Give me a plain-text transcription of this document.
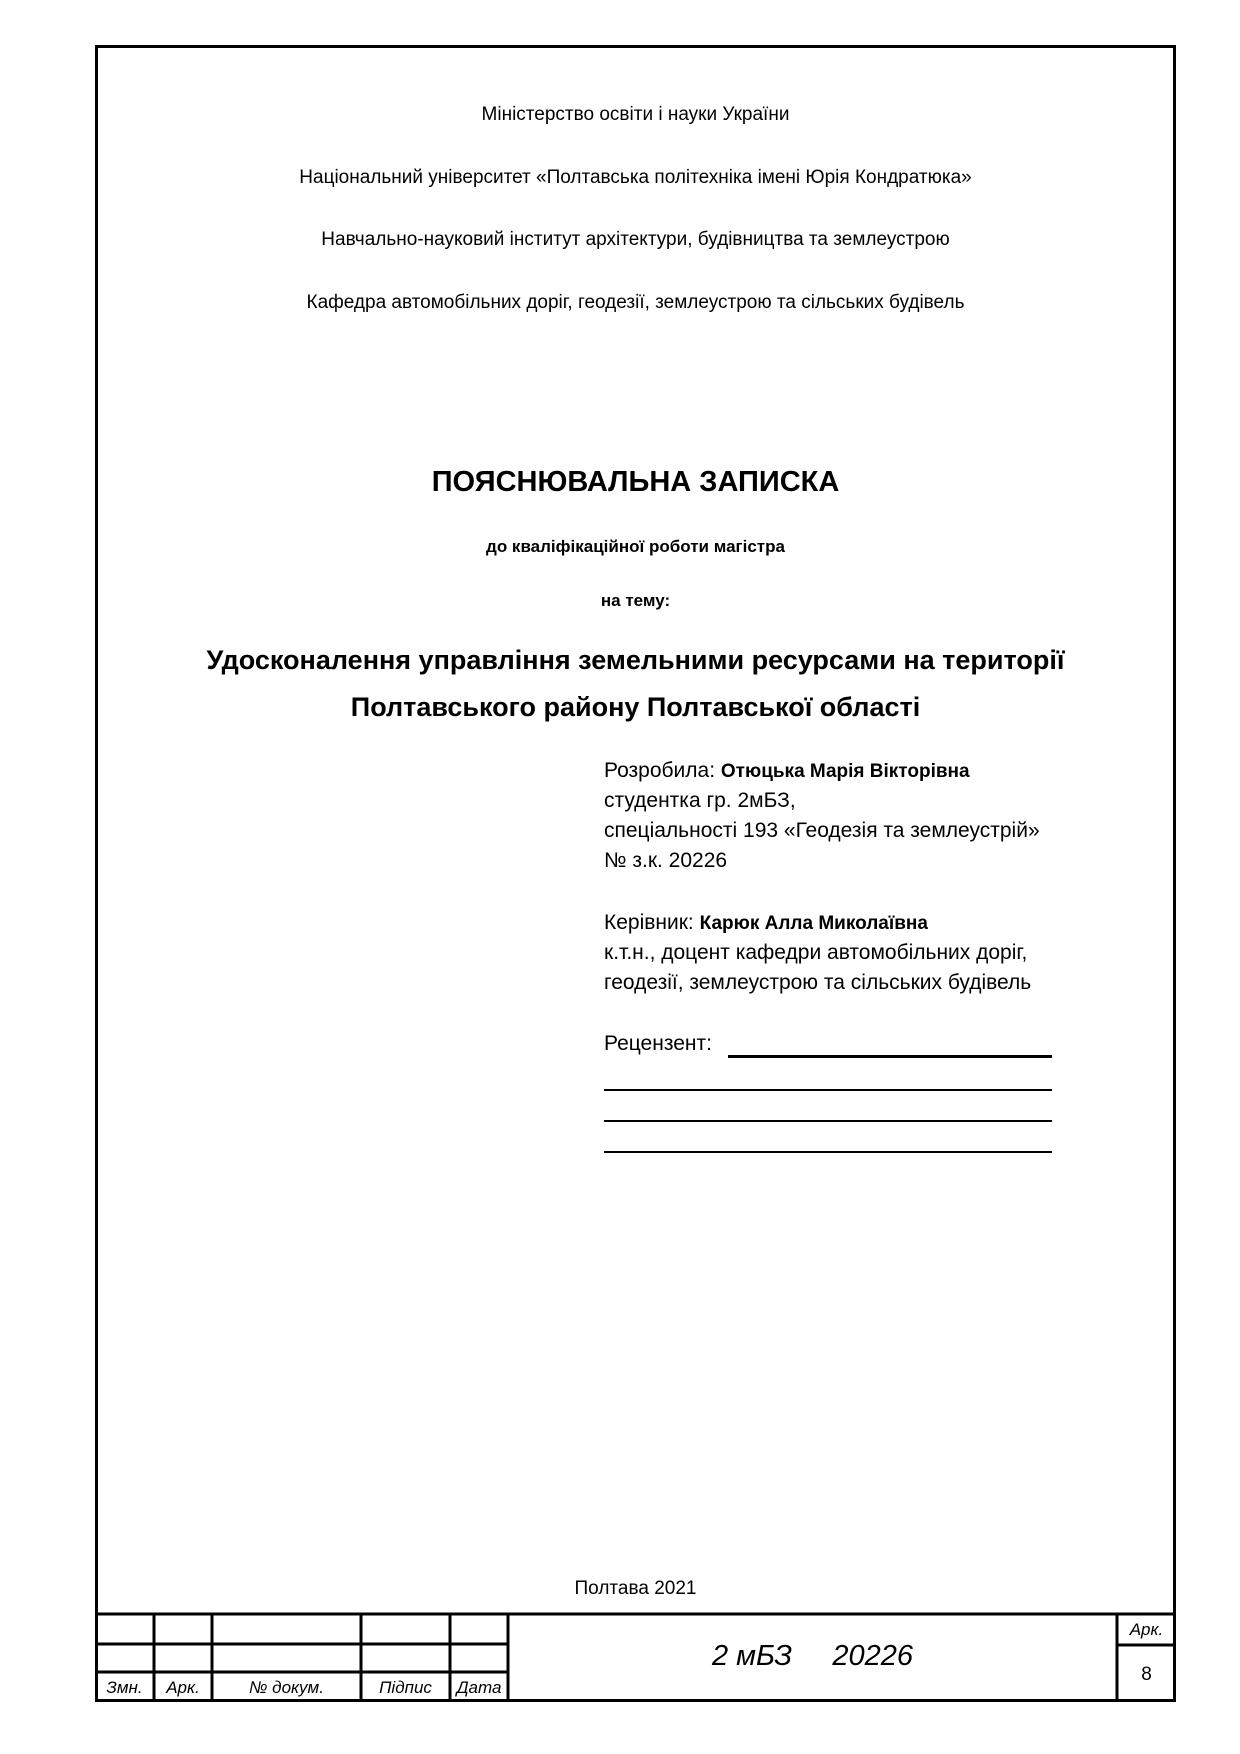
Міністерство освіти і науки України
Національний університет «Полтавська політехніка імені Юрія Кондратюка»
Навчально-науковий інститут архітектури, будівництва та землеустрою
Кафедра автомобільних доріг, геодезії, землеустрою та сільських будівель
ПОЯСНЮВАЛЬНА ЗАПИСКА
до кваліфікаційної роботи магістра
на тему:
Удосконалення управління земельними ресурсами на території
Полтавського району Полтавської області
Розробила: Отюцька Марія Вікторівна
студентка гр. 2мБЗ,
спеціальності 193 «Геодезія та землеустрій»
№ з.к. 20226
Керівник: Карюк Алла Миколаївна
к.т.н., доцент кафедри автомобільних доріг,
геодезії, землеустрою та сільських будівель
Рецензент:
Полтава 2021
Змн.	Арк.	№ докум.	Підпис	Дата
2 мБЗ     20226
Арк.
8
